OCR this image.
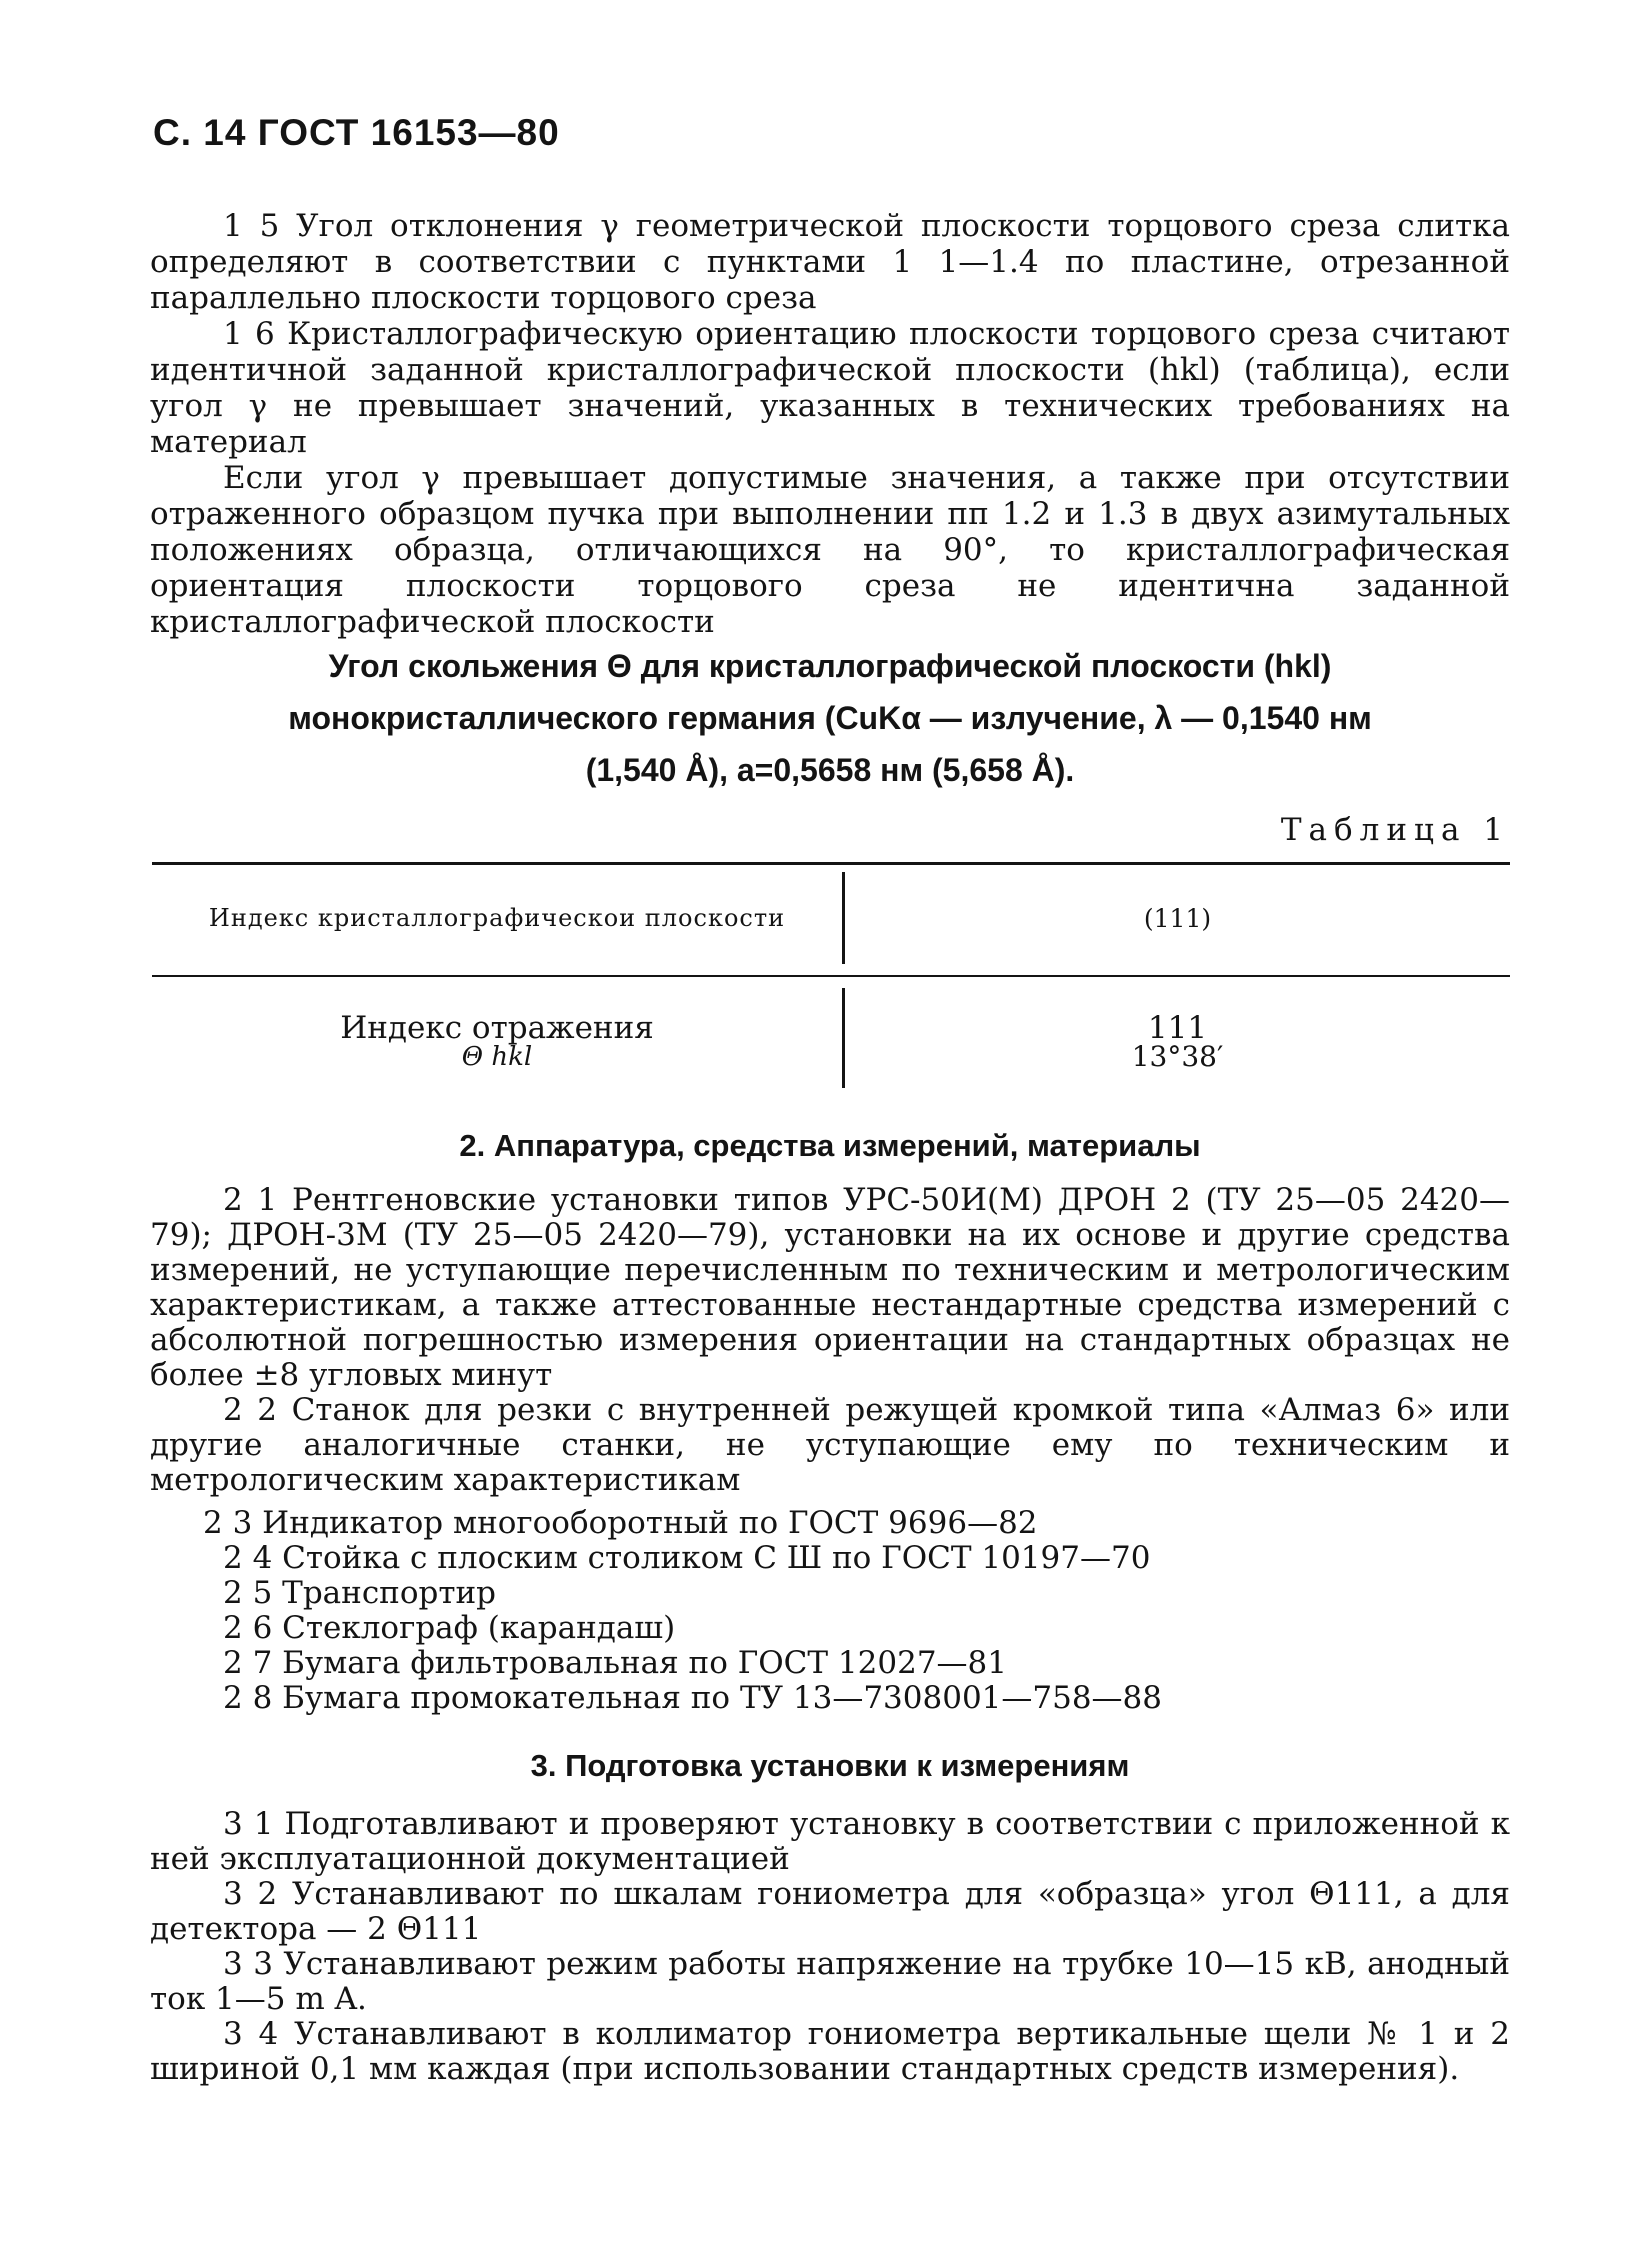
С. 14 ГОСТ 16153—80

1 5 Угол отклонения γ геометрической плоскости торцового среза слитка определяют в соответствии с пунктами 1 1—1.4 по пластине, отрезанной параллельно плоскости торцового среза

1 6 Кристаллографическую ориентацию плоскости торцового среза считают идентичной заданной кристаллографической плоскости (hkl) (таблица), если угол γ не превышает значений, указанных в технических требованиях на материал

Если угол γ превышает допустимые значения, а также при отсутствии отраженного образцом пучка при выполнении пп 1.2 и 1.3 в двух азимутальных положениях образца, отличающихся на 90°, то кристаллографическая ориентация плоскости торцового среза не идентична заданной кристаллографической плоскости

Угол скольжения Θ для кристаллографической плоскости (hkl)
монокристаллического германия (CuKα — излучение, λ — 0,1540 нм
(1,540 Å), a=0,5658 нм (5,658 Å).
Таблица 1
Индекс кристаллографическои плоскости	(111)
Индекс отражения
Θ hkl
111
13°38′
2. Аппаратура, средства измерений, материалы

2 1 Рентгеновские установки типов УРС-50И(М) ДРОН 2 (ТУ 25—05 2420—79); ДРОН-3М (ТУ 25—05 2420—79), установки на их основе и другие средства измерений, не уступающие перечисленным по техническим и метрологическим характеристикам, а также аттестованные нестандартные средства измерений с абсолютной погрешностью измерения ориентации на стандартных образцах не более ±8 угловых минут

2 2 Станок для резки с внутренней режущей кромкой типа «Алмаз 6» или другие аналогичные станки, не уступающие ему по техническим и метрологическим характеристикам

2 3 Индикатор многооборотный по ГОСТ 9696—82
2 4 Стойка с плоским столиком С Ш по ГОСТ 10197—70
2 5 Транспортир
2 6 Стеклограф (карандаш)
2 7 Бумага фильтровальная по ГОСТ 12027—81
2 8 Бумага промокательная по ТУ 13—7308001—758—88
3. Подготовка установки к измерениям

3 1 Подготавливают и проверяют установку в соответствии с приложенной к ней эксплуатационной документацией

3 2 Устанавливают по шкалам гониометра для «образца» угол Θ111, а для детектора — 2 Θ111

3 3 Устанавливают режим работы напряжение на трубке 10—15 кВ, анодный ток 1—5 m A.

3 4 Устанавливают в коллиматор гониометра вертикальные щели № 1 и 2 шириной 0,1 мм каждая (при использовании стандартных средств измерения).
